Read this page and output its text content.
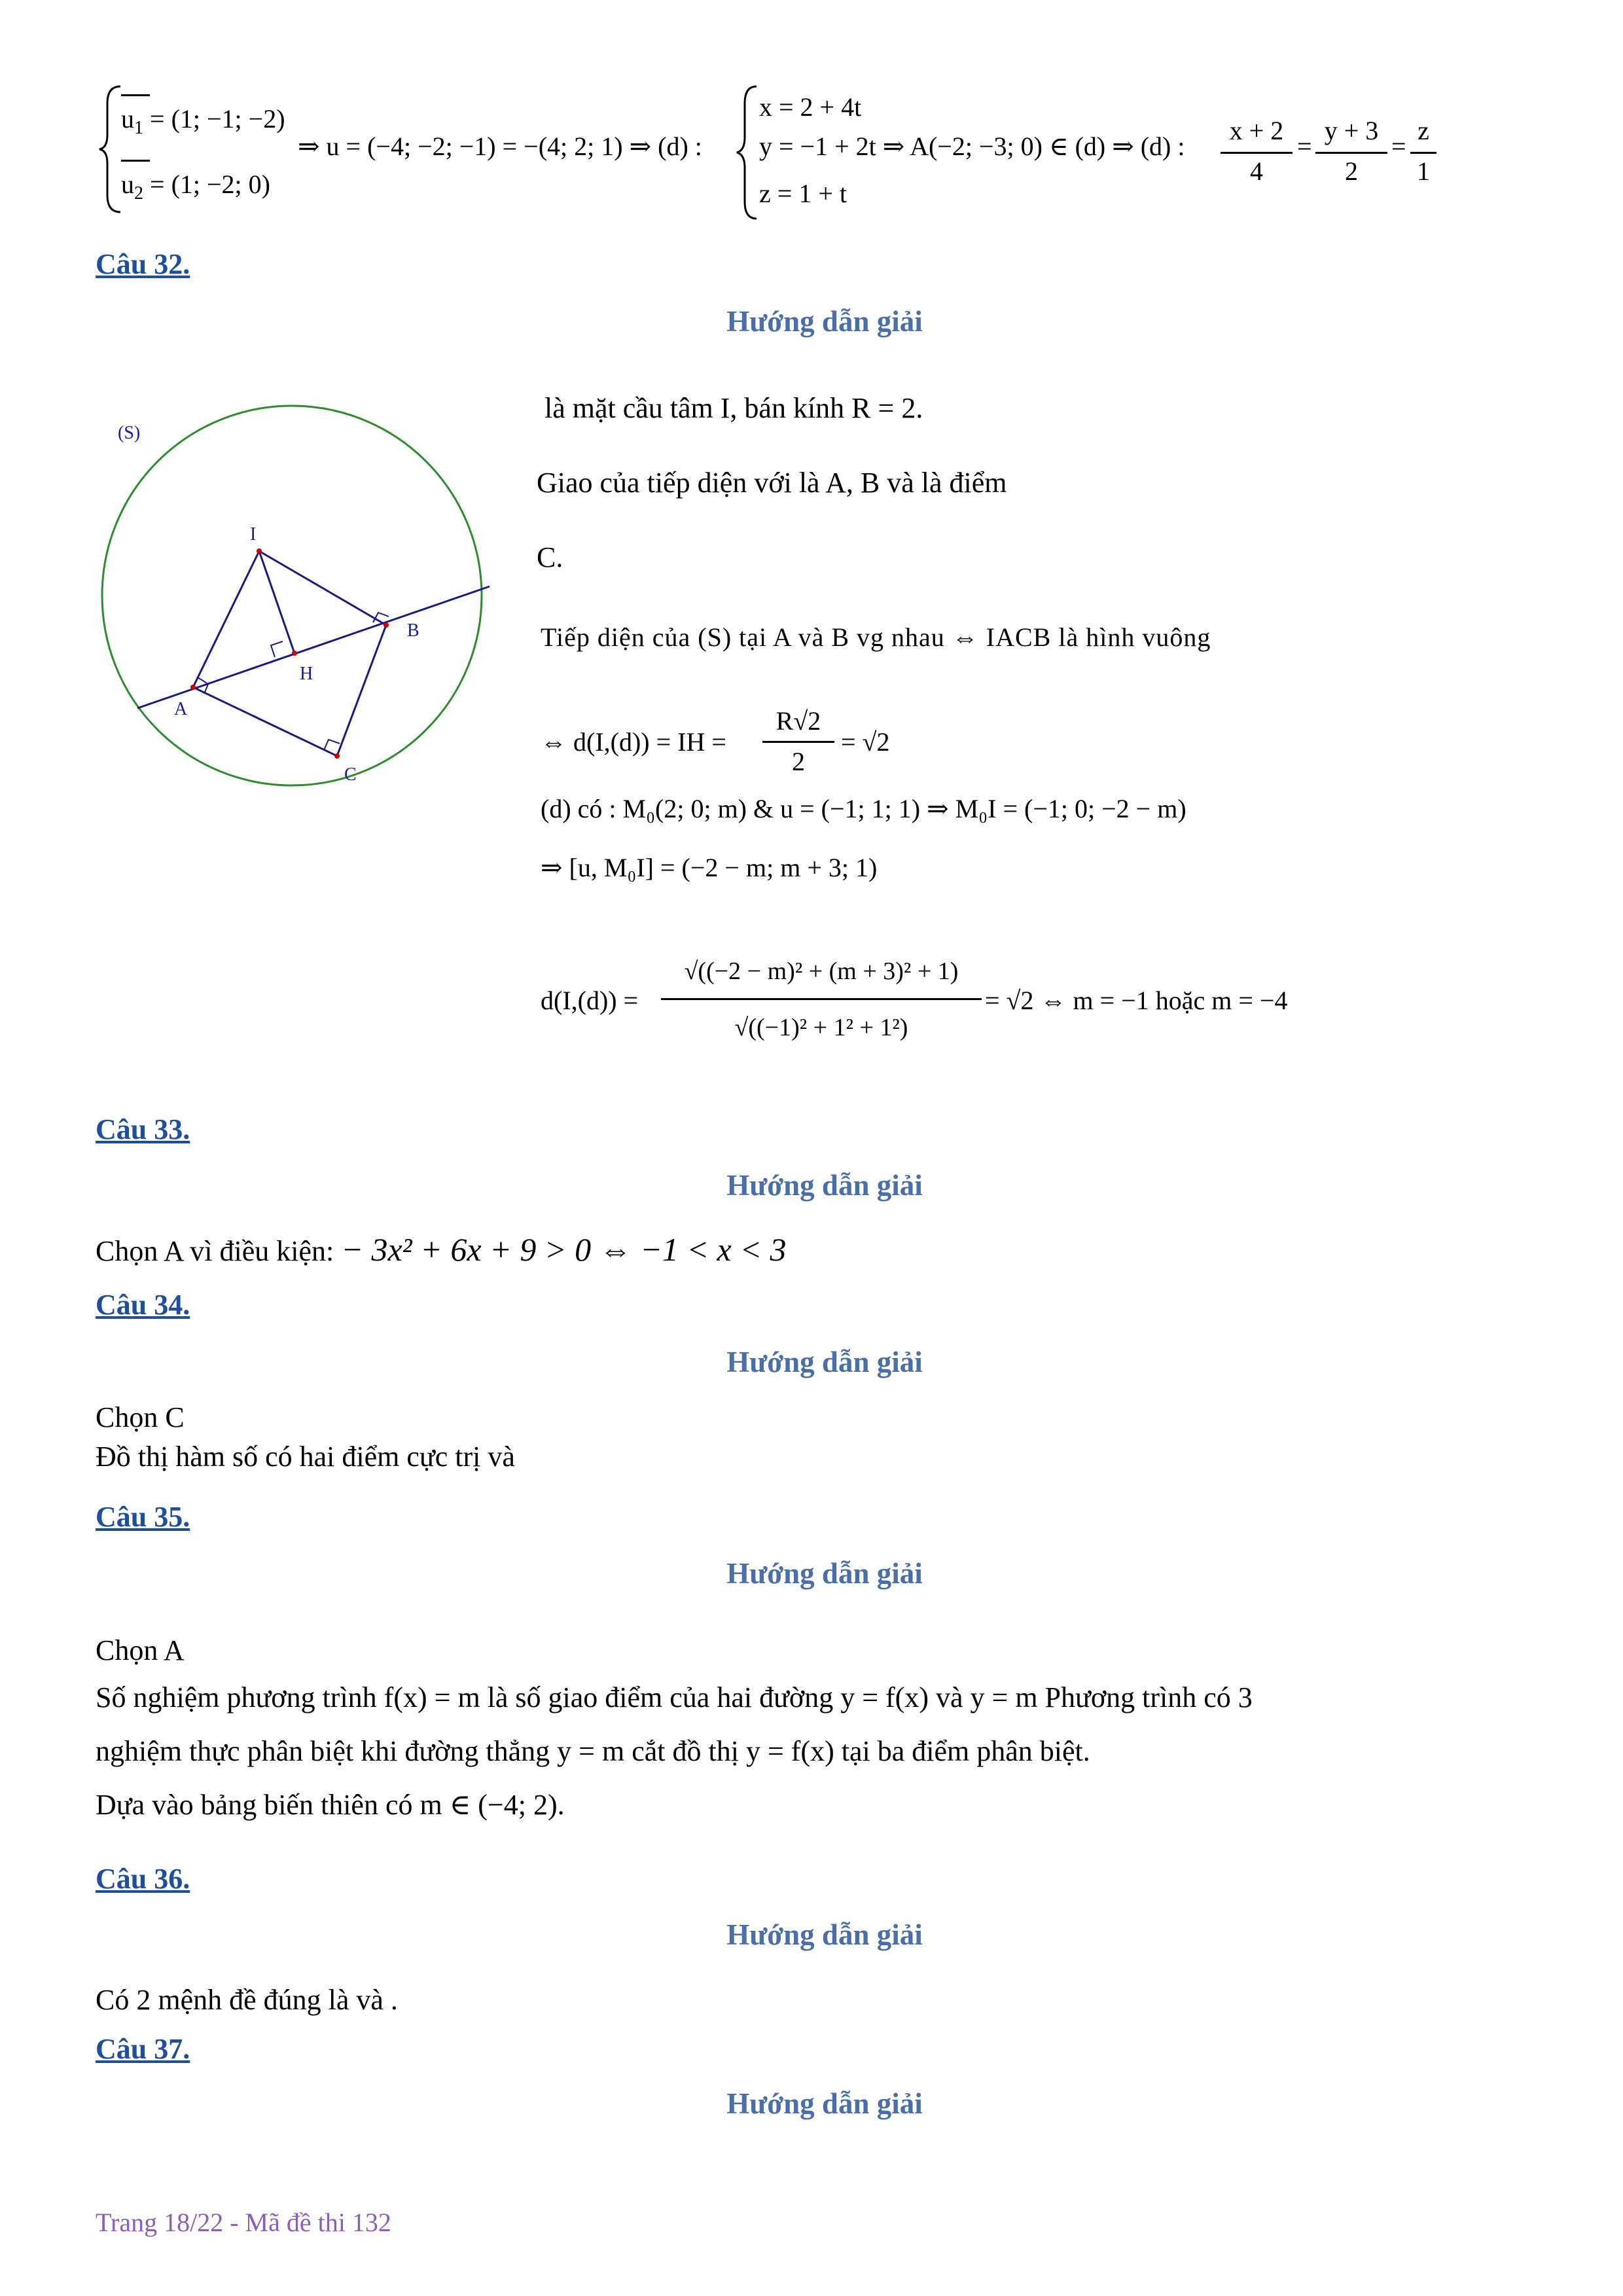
$u_1 = (1$; −1; −2)
$u_2 = (1$; −2; 0)
⇒ u = (−4; −2; −1) = −(4; 2; 1) ⇒ (d) :
x = 2 + 4t
y = −1 + 2t ⇒ A(−2; −3; 0) ∈ (d) ⇒ (d) :
z = 1 + t
x + 2
4
=
y + 3
2
=
z
1
Câu 32.
Hướng dẫn giải
(S)
I
H
A
B
C
là mặt cầu tâm I, bán kính R = 2.
Giao của tiếp diện với là A, B và là điểm
C.
Tiếp diện của (S) tại A và B vg nhau ⇔ IACB là hình vuông
⇔ d(I,(d)) = IH =
R√2
2
= √2
(d) có : M₀(2; 0; m) & u = (−1; 1; 1) ⇒ M₀I = (−1; 0; −2 − m)
⇒ [u, M₀I] = (−2 − m; m + 3; 1)
d(I,(d)) =
√((−2 − m)² + (m + 3)² + 1)
√((−1)² + 1² + 1²)
= √2 ⇔ m = −1 hoặc m = −4
Câu 33.
Hướng dẫn giải
Chọn A vì điều kiện: − 3x² + 6x + 9 > 0 ⇔ −1 < x < 3
Câu 34.
Hướng dẫn giải
Chọn C
Đồ thị hàm số có hai điểm cực trị và
Câu 35.
Hướng dẫn giải
Chọn A
Số nghiệm phương trình f(x) = m là số giao điểm của hai đường y = f(x) và y = m Phương trình có 3
nghiệm thực phân biệt khi đường thẳng y = m cắt đồ thị y = f(x) tại ba điểm phân biệt.
Dựa vào bảng biến thiên có m ∈ (−4; 2).
Câu 36.
Hướng dẫn giải
Có 2 mệnh đề đúng là và .
Câu 37.
Hướng dẫn giải
Trang 18/22 - Mã đề thi 132
